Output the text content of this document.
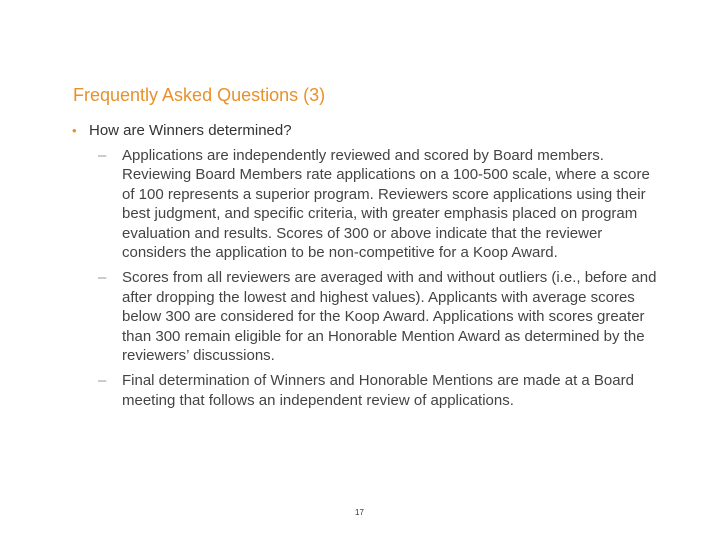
Frequently Asked Questions (3)
• How are Winners determined?
–	Applications are independently reviewed and scored by Board members. Reviewing Board Members rate applications on a 100-500 scale, where a score of 100 represents a superior program. Reviewers score applications using their best judgment, and specific criteria, with greater emphasis placed on program evaluation and results. Scores of 300 or above indicate that the reviewer considers the application to be non-competitive for a Koop Award.
–	Scores from all reviewers are averaged with and without outliers (i.e., before and after dropping the lowest and highest values). Applicants with average scores below 300 are considered for the Koop Award. Applications with scores greater than 300 remain eligible for an Honorable Mention Award as determined by the reviewers’ discussions.
–	Final determination of Winners and Honorable Mentions are made at a Board meeting that follows an independent review of applications.
17
